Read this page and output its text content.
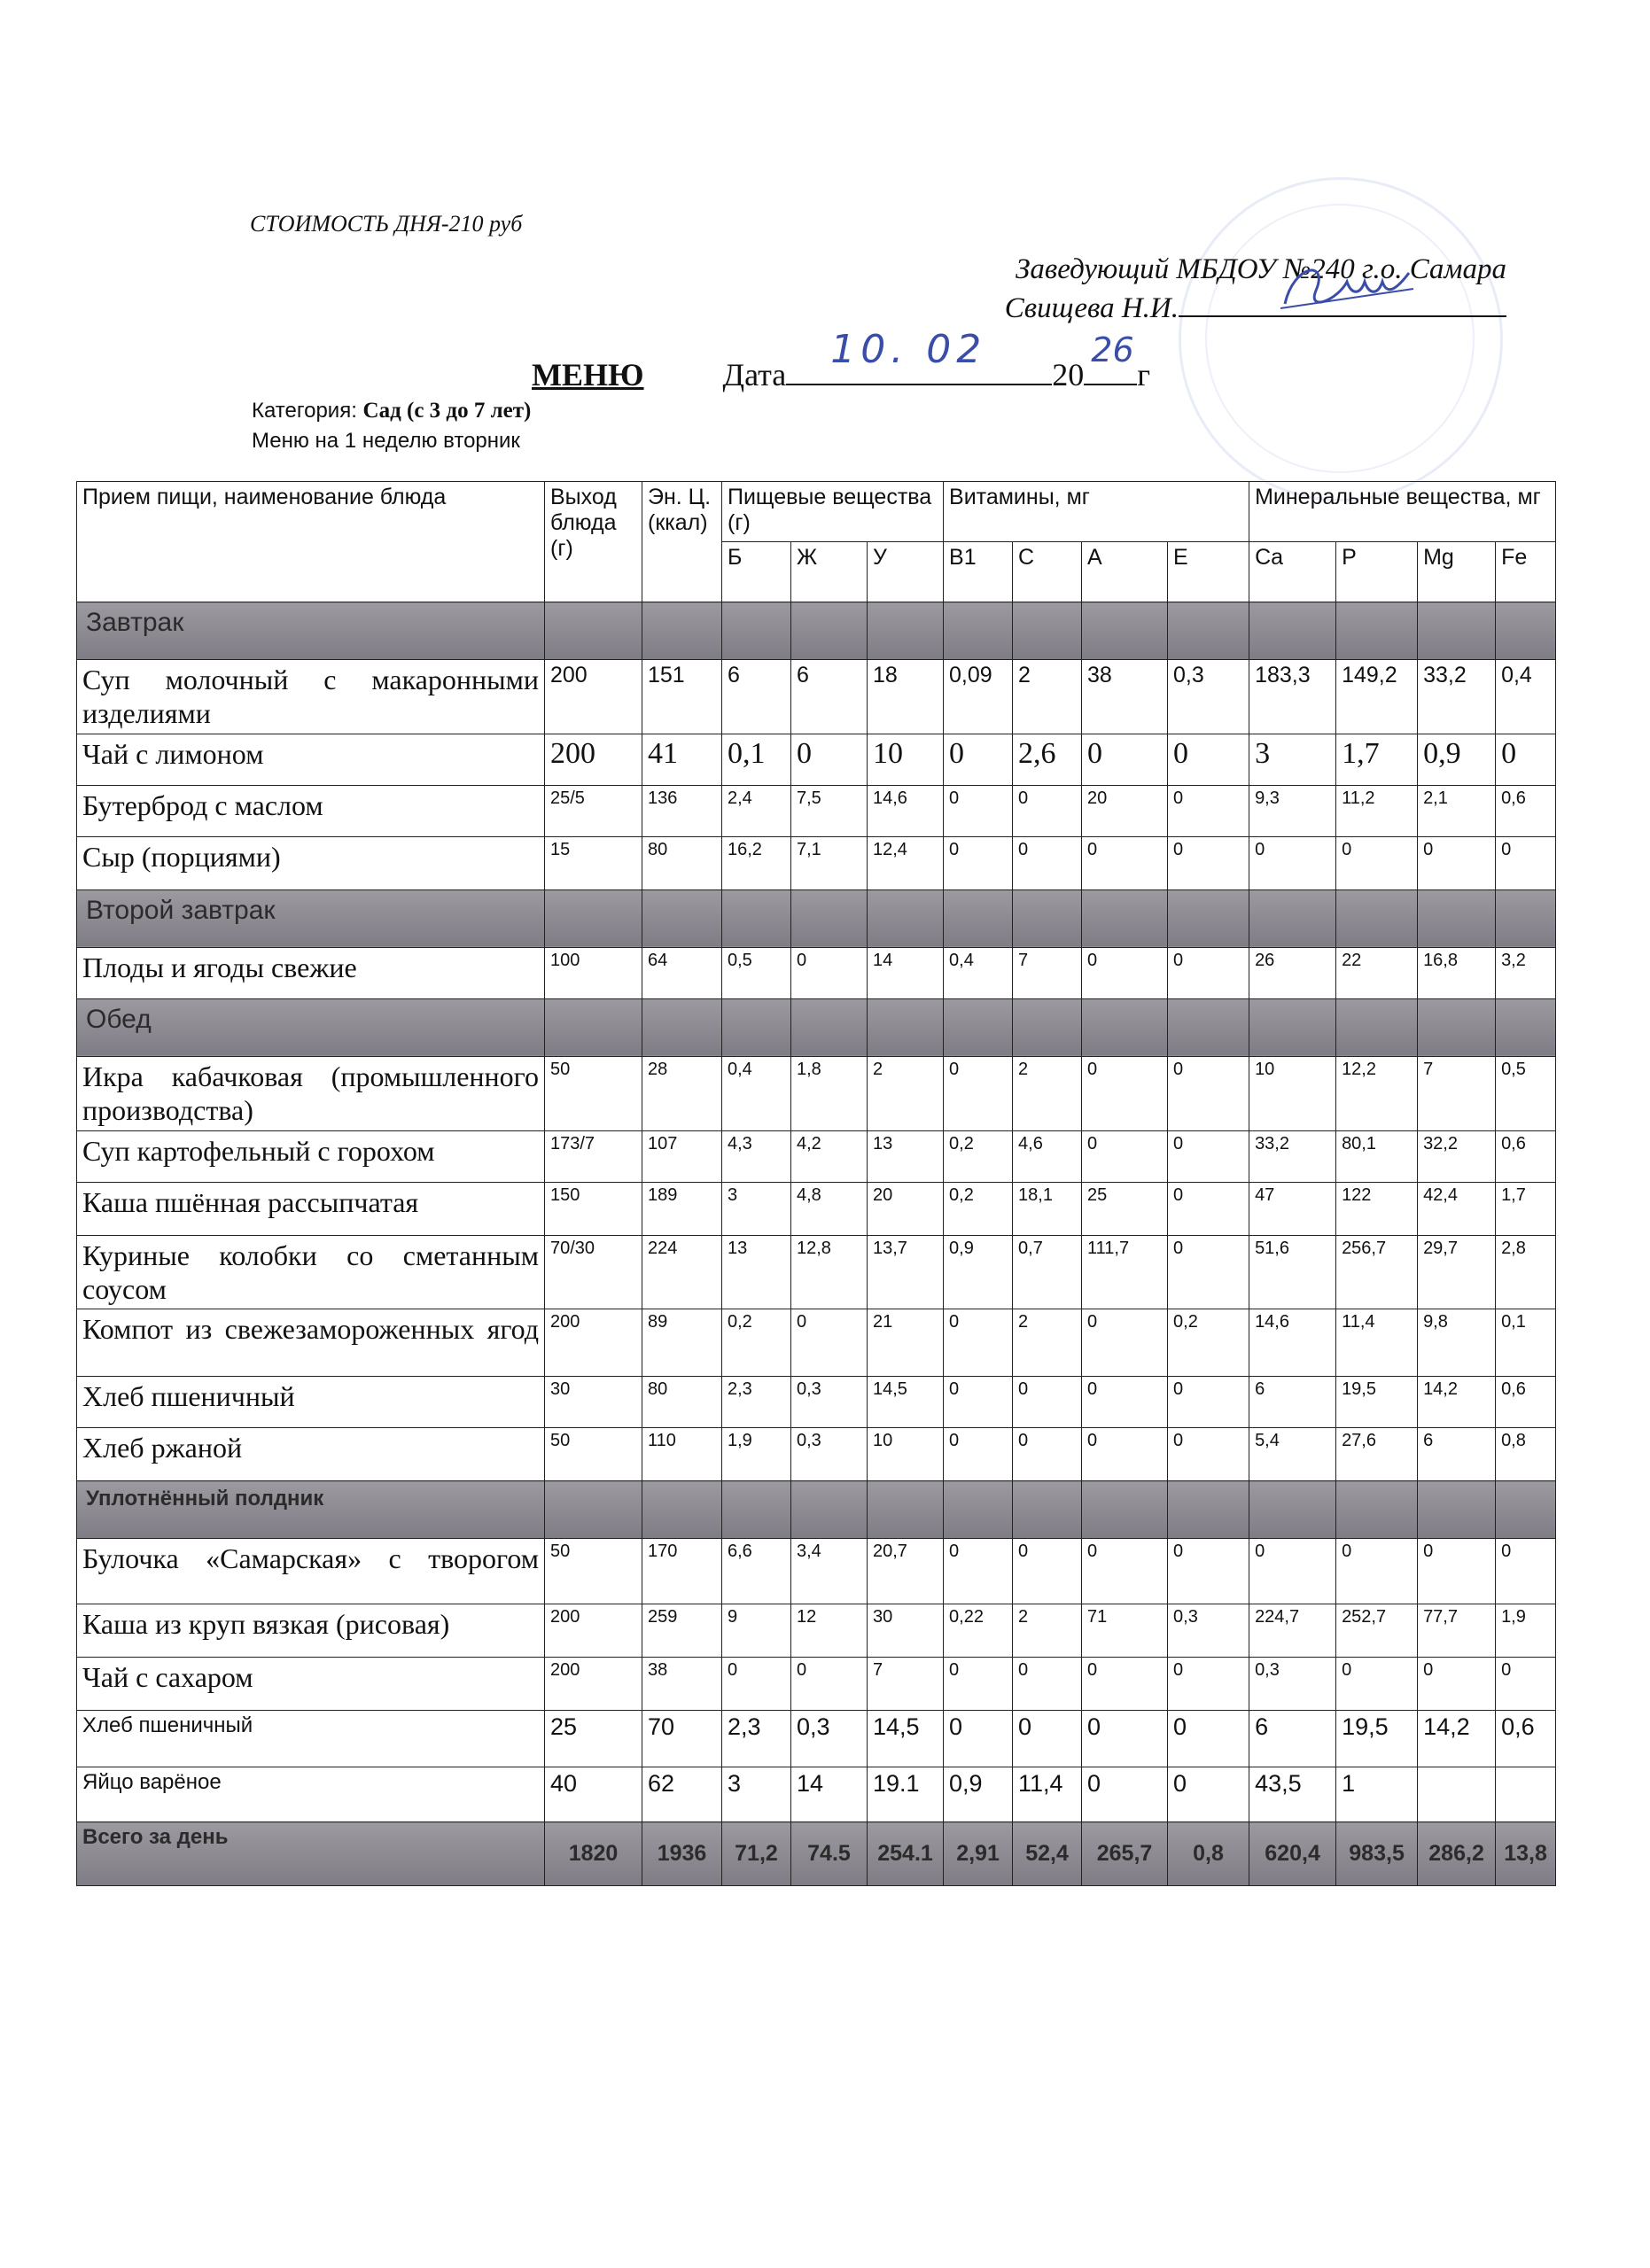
СТОИМОСТЬ ДНЯ-210 руб
Заведующий МБДОУ №240 г.о. Самара
Свищева Н.И.
МЕНЮ Дата
10. 02
20
26
г
Категория: Сад (с 3 до 7 лет)
Меню на 1 неделю вторник
Прием пищи, наименование блюда	Выход блюда (г)	Эн. Ц. (ккал)	Пищевые вещества (г)			Витамины, мг				Минеральные вещества, мг			
			Б	Ж	У	B1	C	A	E	Ca	P	Mg	Fe
Завтрак													
Суп молочный с макаронными изделиями	200	151	6	6	18	0,09	2	38	0,3	183,3	149,2	33,2	0,4
Чай с лимоном	200	41	0,1	0	10	0	2,6	0	0	3	1,7	0,9	0
Бутерброд с маслом	25/5	136	2,4	7,5	14,6	0	0	20	0	9,3	11,2	2,1	0,6
Сыр (порциями)	15	80	16,2	7,1	12,4	0	0	0	0	0	0	0	0
Второй завтрак													
Плоды и ягоды свежие	100	64	0,5	0	14	0,4	7	0	0	26	22	16,8	3,2
Обед													
Икра кабачковая (промышленного производства)	50	28	0,4	1,8	2	0	2	0	0	10	12,2	7	0,5
Суп картофельный с горохом	173/7	107	4,3	4,2	13	0,2	4,6	0	0	33,2	80,1	32,2	0,6
Каша пшённая рассыпчатая	150	189	3	4,8	20	0,2	18,1	25	0	47	122	42,4	1,7
Куриные колобки со сметанным соусом	70/30	224	13	12,8	13,7	0,9	0,7	111,7	0	51,6	256,7	29,7	2,8
Компот из свежезамороженных ягод	200	89	0,2	0	21	0	2	0	0,2	14,6	11,4	9,8	0,1
Хлеб пшеничный	30	80	2,3	0,3	14,5	0	0	0	0	6	19,5	14,2	0,6
Хлеб ржаной	50	110	1,9	0,3	10	0	0	0	0	5,4	27,6	6	0,8
Уплотнённый полдник													
Булочка «Самарская» с творогом	50	170	6,6	3,4	20,7	0	0	0	0	0	0	0	0
Каша из круп вязкая (рисовая)	200	259	9	12	30	0,22	2	71	0,3	224,7	252,7	77,7	1,9
Чай с сахаром	200	38	0	0	7	0	0	0	0	0,3	0	0	0
Хлеб пшеничный	25	70	2,3	0,3	14,5	0	0	0	0	6	19,5	14,2	0,6
Яйцо варёное	40	62	3	14	19.1	0,9	11,4	0	0	43,5	1		
Всего за день	1820	1936	71,2	74.5	254.1	2,91	52,4	265,7	0,8	620,4	983,5	286,2	13,8
